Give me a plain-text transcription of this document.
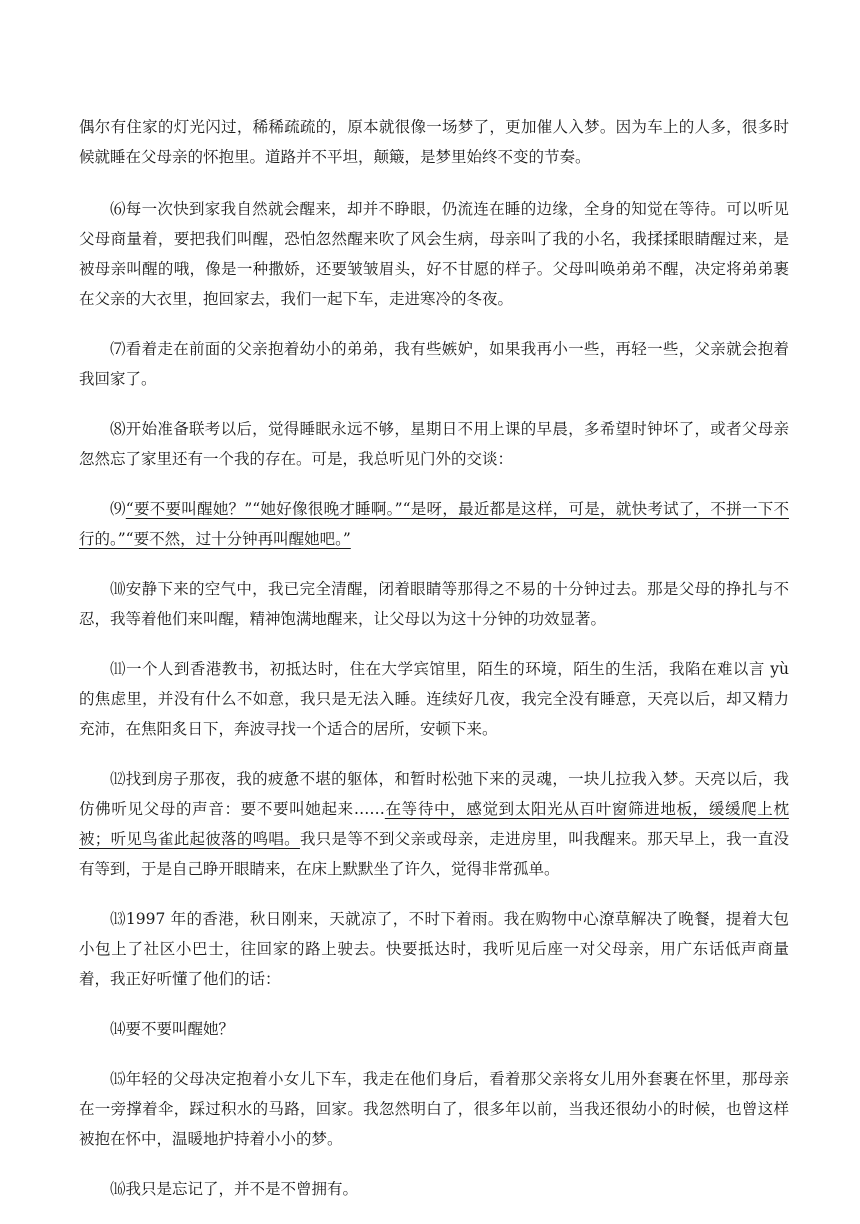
偶尔有住家的灯光闪过，稀稀疏疏的，原本就很像一场梦了，更加催人入梦。因为车上的人多，很多时候就睡在父母亲的怀抱里。道路并不平坦，颠簸，是梦里始终不变的节奏。

⑹每一次快到家我自然就会醒来，却并不睁眼，仍流连在睡的边缘，全身的知觉在等待。可以听见父母商量着，要把我们叫醒，恐怕忽然醒来吹了风会生病，母亲叫了我的小名，我揉揉眼睛醒过来，是被母亲叫醒的哦，像是一种撒娇，还要皱皱眉头，好不甘愿的样子。父母叫唤弟弟不醒，决定将弟弟裹在父亲的大衣里，抱回家去，我们一起下车，走进寒冷的冬夜。

⑺看着走在前面的父亲抱着幼小的弟弟，我有些嫉妒，如果我再小一些，再轻一些，父亲就会抱着我回家了。

⑻开始准备联考以后，觉得睡眠永远不够，星期日不用上课的早晨，多希望时钟坏了，或者父母亲忽然忘了家里还有一个我的存在。可是，我总听见门外的交谈：

⑼“要不要叫醒她？”“她好像很晚才睡啊。”“是呀，最近都是这样，可是，就快考试了，不拼一下不行的。”“要不然，过十分钟再叫醒她吧。”

⑽安静下来的空气中，我已完全清醒，闭着眼睛等那得之不易的十分钟过去。那是父母的挣扎与不忍，我等着他们来叫醒，精神饱满地醒来，让父母以为这十分钟的功效显著。

⑾一个人到香港教书，初抵达时，住在大学宾馆里，陌生的环境，陌生的生活，我陷在难以言 yù 的焦虑里，并没有什么不如意，我只是无法入睡。连续好几夜，我完全没有睡意，天亮以后，却又精力充沛，在焦阳炙日下，奔波寻找一个适合的居所，安顿下来。

⑿找到房子那夜，我的疲惫不堪的躯体，和暂时松弛下来的灵魂，一块儿拉我入梦。天亮以后，我仿佛听见父母的声音：要不要叫她起来……在等待中，感觉到太阳光从百叶窗筛进地板，缓缓爬上枕被；听见鸟雀此起彼落的鸣唱。我只是等不到父亲或母亲，走进房里，叫我醒来。那天早上，我一直没有等到，于是自己睁开眼睛来，在床上默默坐了许久，觉得非常孤单。

⒀1997 年的香港，秋日刚来，天就凉了，不时下着雨。我在购物中心潦草解决了晚餐，提着大包小包上了社区小巴士，往回家的路上驶去。快要抵达时，我听见后座一对父母亲，用广东话低声商量着，我正好听懂了他们的话：

⒁要不要叫醒她？

⒂年轻的父母决定抱着小女儿下车，我走在他们身后，看着那父亲将女儿用外套裹在怀里，那母亲在一旁撑着伞，踩过积水的马路，回家。我忽然明白了，很多年以前，当我还很幼小的时候，也曾这样被抱在怀中，温暖地护持着小小的梦。

⒃我只是忘记了，并不是不曾拥有。
